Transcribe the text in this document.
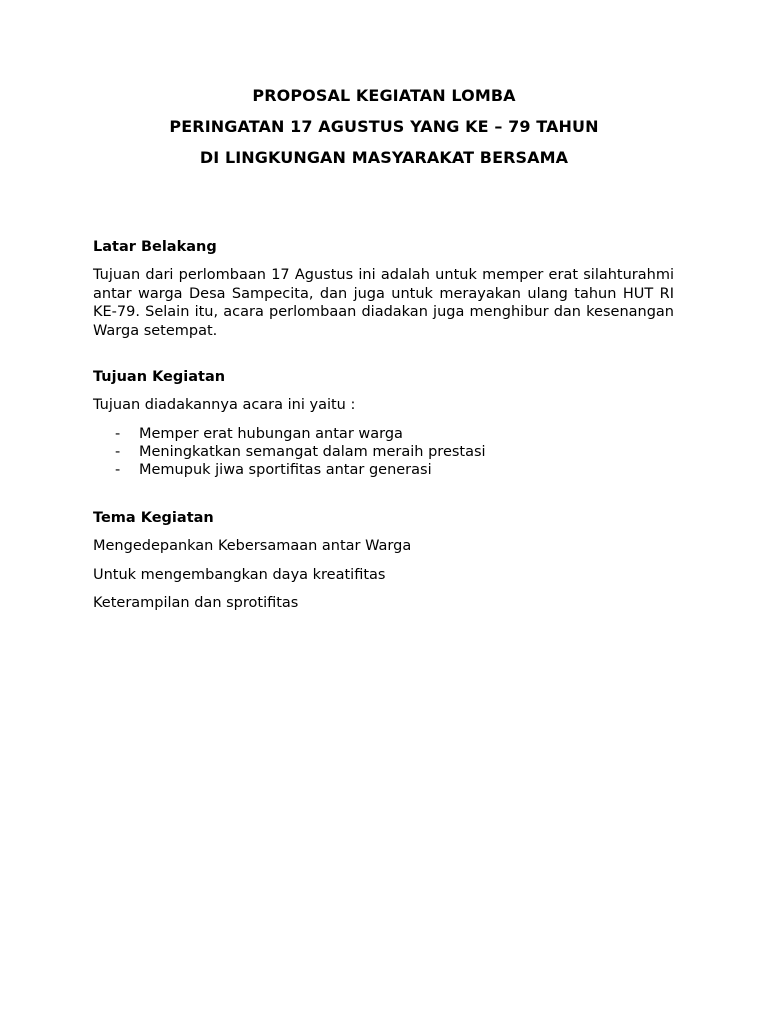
PROPOSAL KEGIATAN LOMBA

PERINGATAN 17 AGUSTUS YANG KE – 79 TAHUN

DI LINGKUNGAN MASYARAKAT BERSAMA

Latar Belakang

Tujuan dari perlombaan 17 Agustus ini adalah untuk memper erat silahturahmi antar warga Desa Sampecita, dan juga untuk merayakan ulang tahun HUT RI KE-79. Selain itu, acara perlombaan diadakan juga menghibur dan kesenangan Warga setempat.

Tujuan Kegiatan

Tujuan diadakannya acara ini yaitu :

- Memper erat hubungan antar warga
- Meningkatkan semangat dalam meraih prestasi
- Memupuk jiwa sportifitas antar generasi

Tema Kegiatan

Mengedepankan Kebersamaan antar Warga

Untuk mengembangkan daya kreatifitas

Keterampilan dan sprotifitas
